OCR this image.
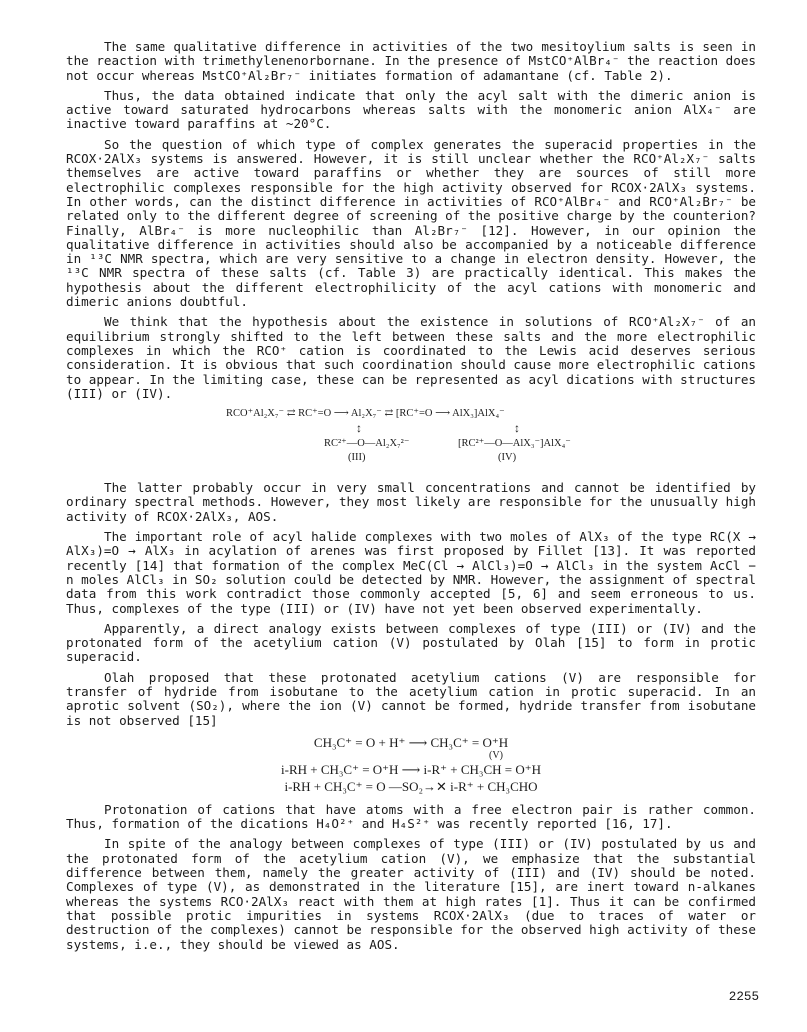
The same qualitative difference in activities of the two mesitoylium salts is seen in the reaction with trimethylenenorbornane. In the presence of MstCO⁺AlBr₄⁻ the reaction does not occur whereas MstCO⁺Al₂Br₇⁻ initiates formation of adamantane (cf. Table 2).

Thus, the data obtained indicate that only the acyl salt with the dimeric anion is active toward saturated hydrocarbons whereas salts with the monomeric anion AlX₄⁻ are inactive toward paraffins at ~20°C.

So the question of which type of complex generates the superacid properties in the RCOX·2AlX₃ systems is answered. However, it is still unclear whether the RCO⁺Al₂X₇⁻ salts themselves are active toward paraffins or whether they are sources of still more electrophilic complexes responsible for the high activity observed for RCOX·2AlX₃ systems. In other words, can the distinct difference in activities of RCO⁺AlBr₄⁻ and RCO⁺Al₂Br₇⁻ be related only to the different degree of screening of the positive charge by the counterion? Finally, AlBr₄⁻ is more nucleophilic than Al₂Br₇⁻ [12]. However, in our opinion the qualitative difference in activities should also be accompanied by a noticeable difference in ¹³C NMR spectra, which are very sensitive to a change in electron density. However, the ¹³C NMR spectra of these salts (cf. Table 3) are practically identical. This makes the hypothesis about the different electrophilicity of the acyl cations with monomeric and dimeric anions doubtful.

We think that the hypothesis about the existence in solutions of RCO⁺Al₂X₇⁻ of an equilibrium strongly shifted to the left between these salts and the more electrophilic complexes in which the RCO⁺ cation is coordinated to the Lewis acid deserves serious consideration. It is obvious that such coordination should cause more electrophilic cations to appear. In the limiting case, these can be represented as acyl dications with structures (III) or (IV).

RCO⁺Al₂X₇⁻ ⇄ RC⁺=O ⟶ Al₂X₇⁻ ⇄ [RC⁺=O ⟶ AlX₃]AlX₄⁻
↕	↕
RC²⁺—O—Al₂X₇²⁻	[RC²⁺—O—AlX₃⁻]AlX₄⁻
(III)	(IV)

The latter probably occur in very small concentrations and cannot be identified by ordinary spectral methods. However, they most likely are responsible for the unusually high activity of RCOX·2AlX₃, AOS.

The important role of acyl halide complexes with two moles of AlX₃ of the type RC(X → AlX₃)=O → AlX₃ in acylation of arenes was first proposed by Fillet [13]. It was reported recently [14] that formation of the complex MeC(Cl → AlCl₃)=O → AlCl₃ in the system AcCl − n moles AlCl₃ in SO₂ solution could be detected by NMR. However, the assignment of spectral data from this work contradict those commonly accepted [5, 6] and seem erroneous to us. Thus, complexes of the type (III) or (IV) have not yet been observed experimentally.

Apparently, a direct analogy exists between complexes of type (III) or (IV) and the protonated form of the acetylium cation (V) postulated by Olah [15] to form in protic superacid.

Olah proposed that these protonated acetylium cations (V) are responsible for transfer of hydride from isobutane to the acetylium cation in protic superacid. In an aprotic solvent (SO₂), where the ion (V) cannot be formed, hydride transfer from isobutane is not observed [15]

CH₃C⁺ = O + H⁺ ⟶ CH₃C⁺ = O⁺H
(V)
i-RH + CH₃C⁺ = O⁺H ⟶ i-R⁺ + CH₃CH = O⁺H
i-RH + CH₃C⁺ = O —SO₂→✕ i-R⁺ + CH₃CHO

Protonation of cations that have atoms with a free electron pair is rather common. Thus, formation of the dications H₄O²⁺ and H₄S²⁺ was recently reported [16, 17].

In spite of the analogy between complexes of type (III) or (IV) postulated by us and the protonated form of the acetylium cation (V), we emphasize that the substantial difference between them, namely the greater activity of (III) and (IV) should be noted. Complexes of type (V), as demonstrated in the literature [15], are inert toward n-alkanes whereas the systems RCO·2AlX₃ react with them at high rates [1]. Thus it can be confirmed that possible protic impurities in systems RCOX·2AlX₃ (due to traces of water or destruction of the complexes) cannot be responsible for the observed high activity of these systems, i.e., they should be viewed as AOS.

2255
